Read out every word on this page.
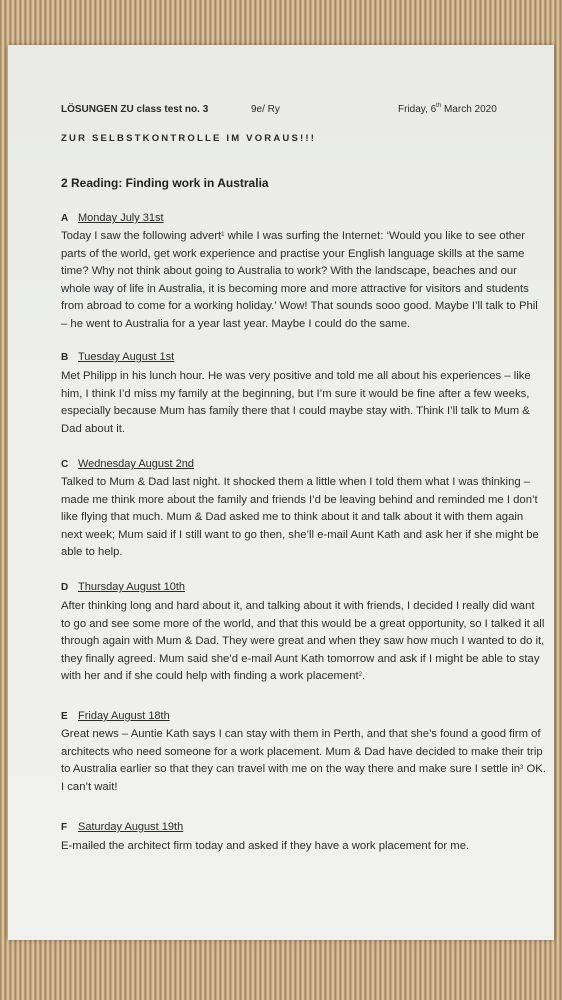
LÖSUNGEN ZU class test no. 3	9e/ Ry	Friday, 6th March 2020
ZUR SELBSTKONTROLLE IM VORAUS!!!
2 Reading: Finding work in Australia
A Monday July 31st
Today I saw the following advert$^1$ while I was surfing the Internet: ‘Would you like to see other parts of the world, get work experience and practise your English language skills at the same time? Why not think about going to Australia to work? With the landscape, beaches and our whole way of life in Australia, it is becoming more and more attractive for visitors and students from abroad to come for a working holiday.’ Wow! That sounds sooo good. Maybe I’ll talk to Phil – he went to Australia for a year last year. Maybe I could do the same.
B Tuesday August 1st
Met Philipp in his lunch hour. He was very positive and told me all about his experiences – like him, I think I’d miss my family at the beginning, but I’m sure it would be fine after a few weeks, especially because Mum has family there that I could maybe stay with. Think I’ll talk to Mum & Dad about it.
C Wednesday August 2nd
Talked to Mum & Dad last night. It shocked them a little when I told them what I was thinking – made me think more about the family and friends I’d be leaving behind and reminded me I don’t like flying that much. Mum & Dad asked me to think about it and talk about it with them again next week; Mum said if I still want to go then, she’ll e-mail Aunt Kath and ask her if she might be able to help.
D Thursday August 10th
After thinking long and hard about it, and talking about it with friends, I decided I really did want to go and see some more of the world, and that this would be a great opportunity, so I talked it all through again with Mum & Dad. They were great and when they saw how much I wanted to do it, they finally agreed. Mum said she’d e-mail Aunt Kath tomorrow and ask if I might be able to stay with her and if she could help with finding a work placement$^2$.
E Friday August 18th
Great news – Auntie Kath says I can stay with them in Perth, and that she’s found a good firm of architects who need someone for a work placement. Mum & Dad have decided to make their trip to Australia earlier so that they can travel with me on the way there and make sure I settle $in^3$ OK. I can’t wait!
F Saturday August 19th
E-mailed the architect firm today and asked if they have a work placement for me.
